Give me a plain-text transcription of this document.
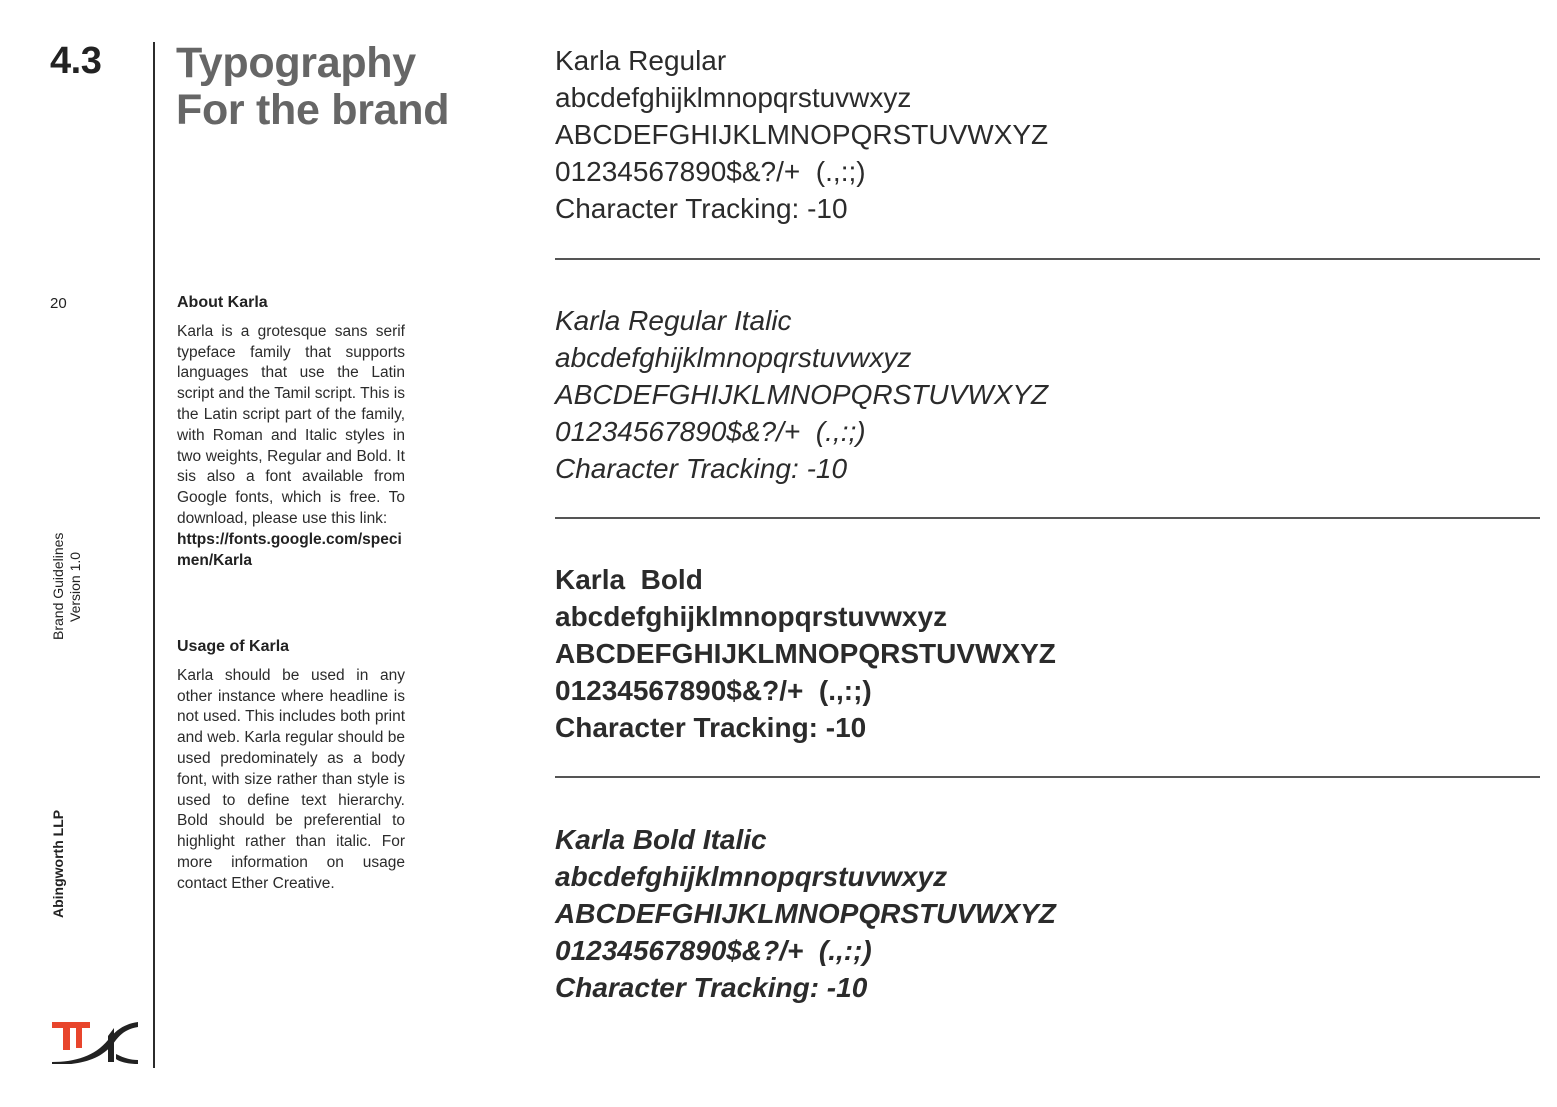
4.3
20
Brand Guidelines Version 1.0
Abingworth LLP
Typography
For the brand
About Karla

Karla is a grotesque sans serif typeface family that supports languages that use the Latin script and the Tamil script. This is the Latin script part of the family, with Roman and Italic styles in two weights, Regular and Bold. It sis also a font available from Google fonts, which is free. To download, please use this link:
https://fonts.google.com/specimen/Karla

Usage of Karla

Karla should be used in any other instance where headline is not used. This includes both print and web. Karla regular should be used predominately as a body font, with size rather than style is used to define text hierarchy. Bold should be preferential to highlight rather than italic. For more information on usage contact Ether Creative.

Karla Regular
abcdefghijklmnopqrstuvwxyz
ABCDEFGHIJKLMNOPQRSTUVWXYZ
01234567890$&?/+  (.,:;)
Character Tracking: -10
Karla Regular Italic
abcdefghijklmnopqrstuvwxyz
ABCDEFGHIJKLMNOPQRSTUVWXYZ
01234567890$&?/+  (.,:;)
Character Tracking: -10
Karla  Bold
abcdefghijklmnopqrstuvwxyz
ABCDEFGHIJKLMNOPQRSTUVWXYZ
01234567890$&?/+  (.,:;)
Character Tracking: -10
Karla Bold Italic
abcdefghijklmnopqrstuvwxyz
ABCDEFGHIJKLMNOPQRSTUVWXYZ
01234567890$&?/+  (.,:;)
Character Tracking: -10
